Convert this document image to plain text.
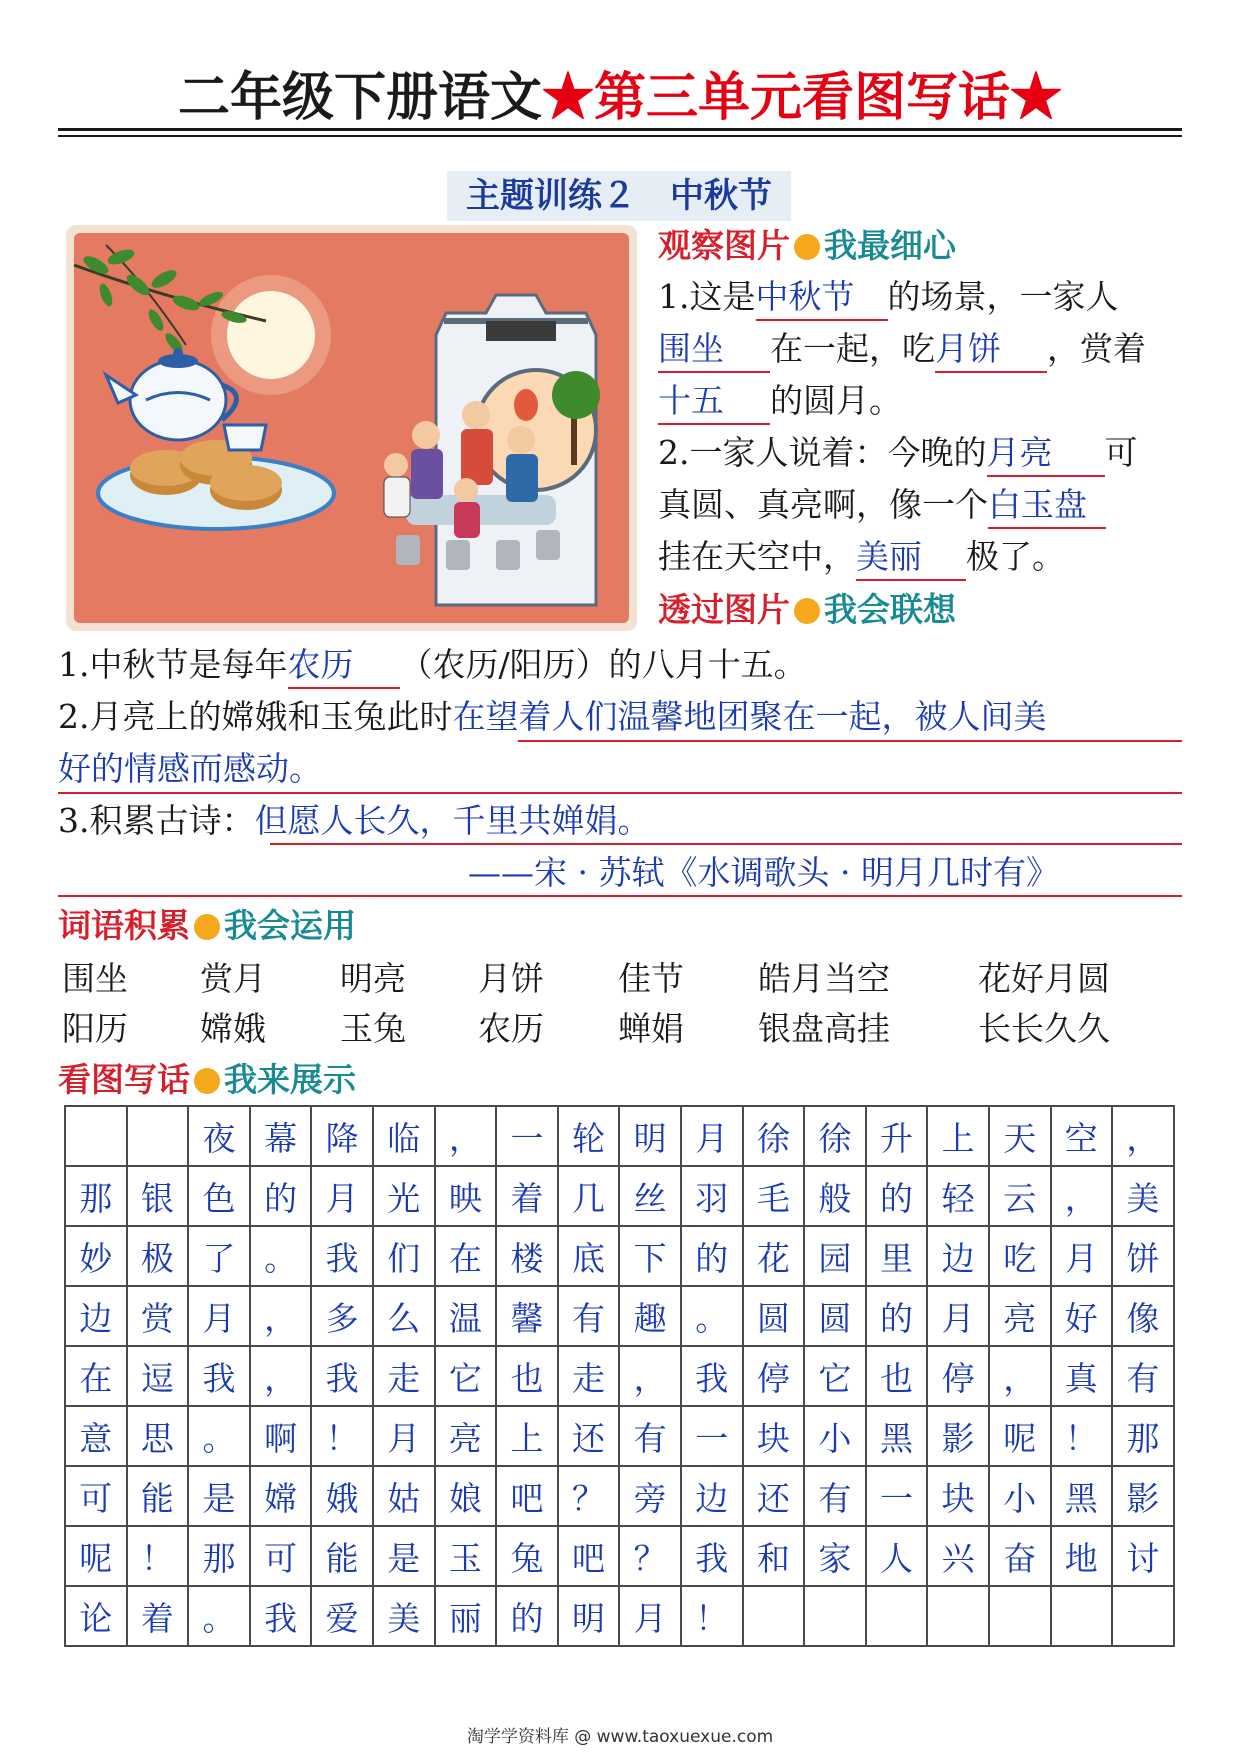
二年级下册语文★第三单元看图写话★
主题训练２　中秋节
观察图片 我最细心
1.这是中秋节 的场景，一家人
围坐 在一起，吃月饼 ，赏着
十五 的圆月。
2.一家人说着：今晚的月亮 可
真圆、真亮啊，像一个白玉盘
挂在天空中，美丽 极了。
透过图片 我会联想
1.中秋节是每年农历 （农历/阳历）的八月十五。
2.月亮上的嫦娥和玉兔此时在望着人们温馨地团聚在一起，被人间美
好的情感而感动。
3.积累古诗：但愿人长久，千里共婵娟。
——宋 · 苏轼《水调歌头 · 明月几时有》
词语积累 我会运用
围坐 赏月 明亮 月饼 佳节 皓月当空	花好月圆
阳历 嫦娥 玉兔 农历 蝉娟 银盘高挂	长长久久
看图写话 我来展示
		夜	幕	降	临	，	一	轮	明	月	徐	徐	升	上	天	空	，
那	银	色	的	月	光	映	着	几	丝	羽	毛	般	的	轻	云	，	美
妙	极	了	。	我	们	在	楼	底	下	的	花	园	里	边	吃	月	饼
边	赏	月	，	多	么	温	馨	有	趣	。	圆	圆	的	月	亮	好	像
在	逗	我	，	我	走	它	也	走	，	我	停	它	也	停	，	真	有
意	思	。	啊	！	月	亮	上	还	有	一	块	小	黑	影	呢	！	那
可	能	是	嫦	娥	姑	娘	吧	？	旁	边	还	有	一	块	小	黑	影
呢	！	那	可	能	是	玉	兔	吧	？	我	和	家	人	兴	奋	地	讨
论	着	。	我	爱	美	丽	的	明	月	！							
淘学学资料库 @ www.taoxuexue.com
